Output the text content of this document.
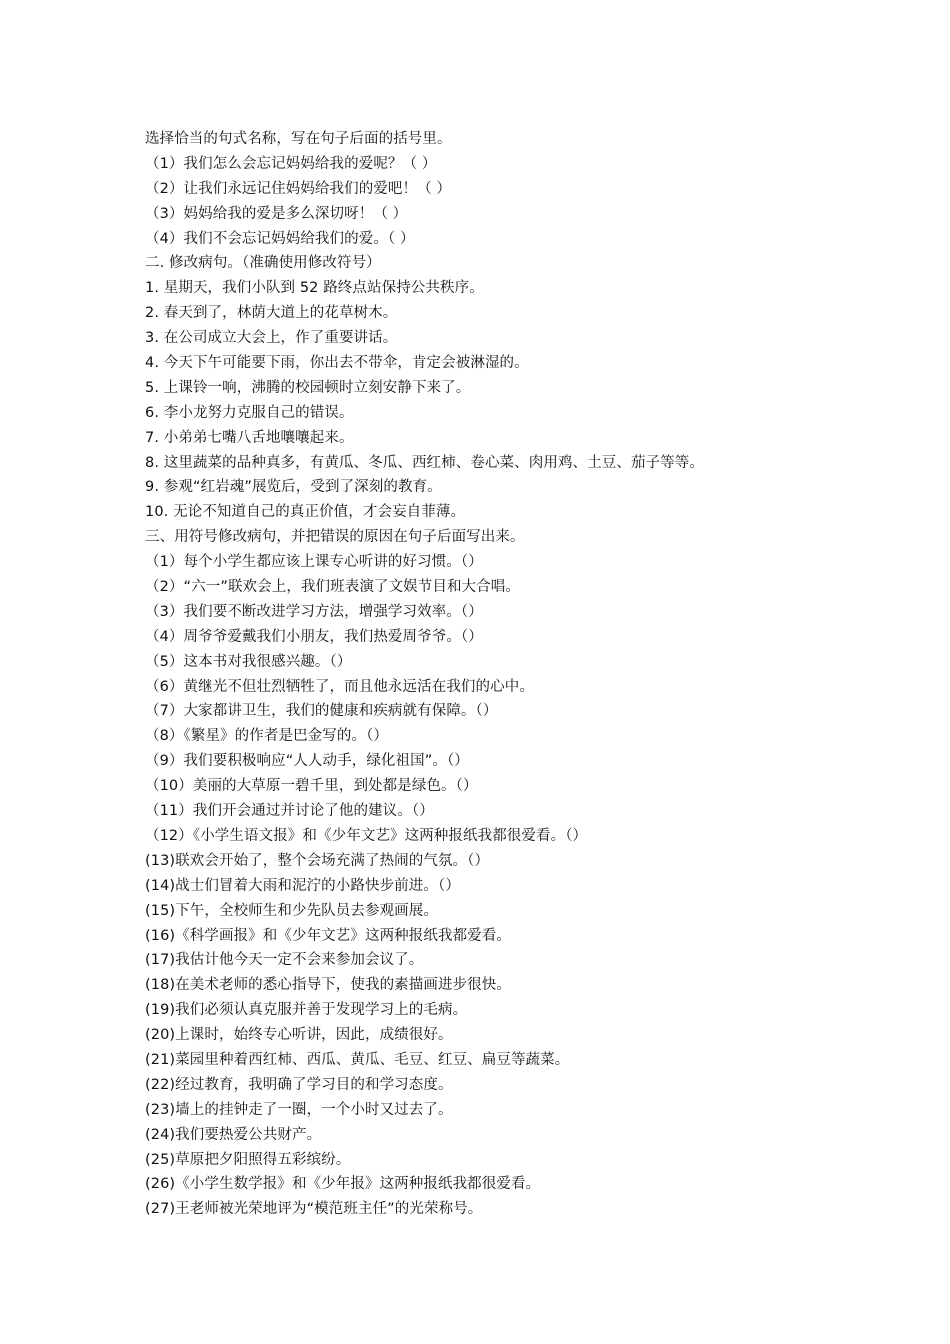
选择恰当的句式名称，写在句子后面的括号里。
（1）我们怎么会忘记妈妈给我的爱呢？（ ）
（2）让我们永远记住妈妈给我们的爱吧！（ ）
（3）妈妈给我的爱是多么深切呀！（ ）
（4）我们不会忘记妈妈给我们的爱。（ ）
二. 修改病句。（准确使用修改符号）
1. 星期天，我们小队到 52 路终点站保持公共秩序。
2. 春天到了，林荫大道上的花草树木。
3. 在公司成立大会上，作了重要讲话。
4. 今天下午可能要下雨，你出去不带伞，肯定会被淋湿的。
5. 上课铃一响，沸腾的校园顿时立刻安静下来了。
6. 李小龙努力克服自己的错误。
7. 小弟弟七嘴八舌地嚷嚷起来。
8. 这里蔬菜的品种真多，有黄瓜、冬瓜、西红柿、卷心菜、肉用鸡、土豆、茄子等等。
9. 参观“红岩魂”展览后，受到了深刻的教育。
10. 无论不知道自己的真正价值，才会妄自菲薄。
三、用符号修改病句，并把错误的原因在句子后面写出来。
（1）每个小学生都应该上课专心听讲的好习惯。（）
（2）“六一”联欢会上，我们班表演了文娱节目和大合唱。
（3）我们要不断改进学习方法，增强学习效率。（）
（4）周爷爷爱戴我们小朋友，我们热爱周爷爷。（）
（5）这本书对我很感兴趣。（）
（6）黄继光不但壮烈牺牲了，而且他永远活在我们的心中。
（7）大家都讲卫生，我们的健康和疾病就有保障。（）
（8）《繁星》的作者是巴金写的。（）
（9）我们要积极响应“人人动手，绿化祖国”。（）
（10）美丽的大草原一碧千里，到处都是绿色。（）
（11）我们开会通过并讨论了他的建议。（）
（12）《小学生语文报》和《少年文艺》这两种报纸我都很爱看。（）
(13)联欢会开始了，整个会场充满了热闹的气氛。（）
(14)战士们冒着大雨和泥泞的小路快步前进。（）
(15)下午，全校师生和少先队员去参观画展。
(16)《科学画报》和《少年文艺》这两种报纸我都爱看。
(17)我估计他今天一定不会来参加会议了。
(18)在美术老师的悉心指导下，使我的素描画进步很快。
(19)我们必须认真克服并善于发现学习上的毛病。
(20)上课时，始终专心听讲，因此，成绩很好。
(21)菜园里种着西红柿、西瓜、黄瓜、毛豆、红豆、扁豆等蔬菜。
(22)经过教育，我明确了学习目的和学习态度。
(23)墙上的挂钟走了一圈，一个小时又过去了。
(24)我们要热爱公共财产。
(25)草原把夕阳照得五彩缤纷。
(26)《小学生数学报》和《少年报》这两种报纸我都很爱看。
(27)王老师被光荣地评为“模范班主任”的光荣称号。
